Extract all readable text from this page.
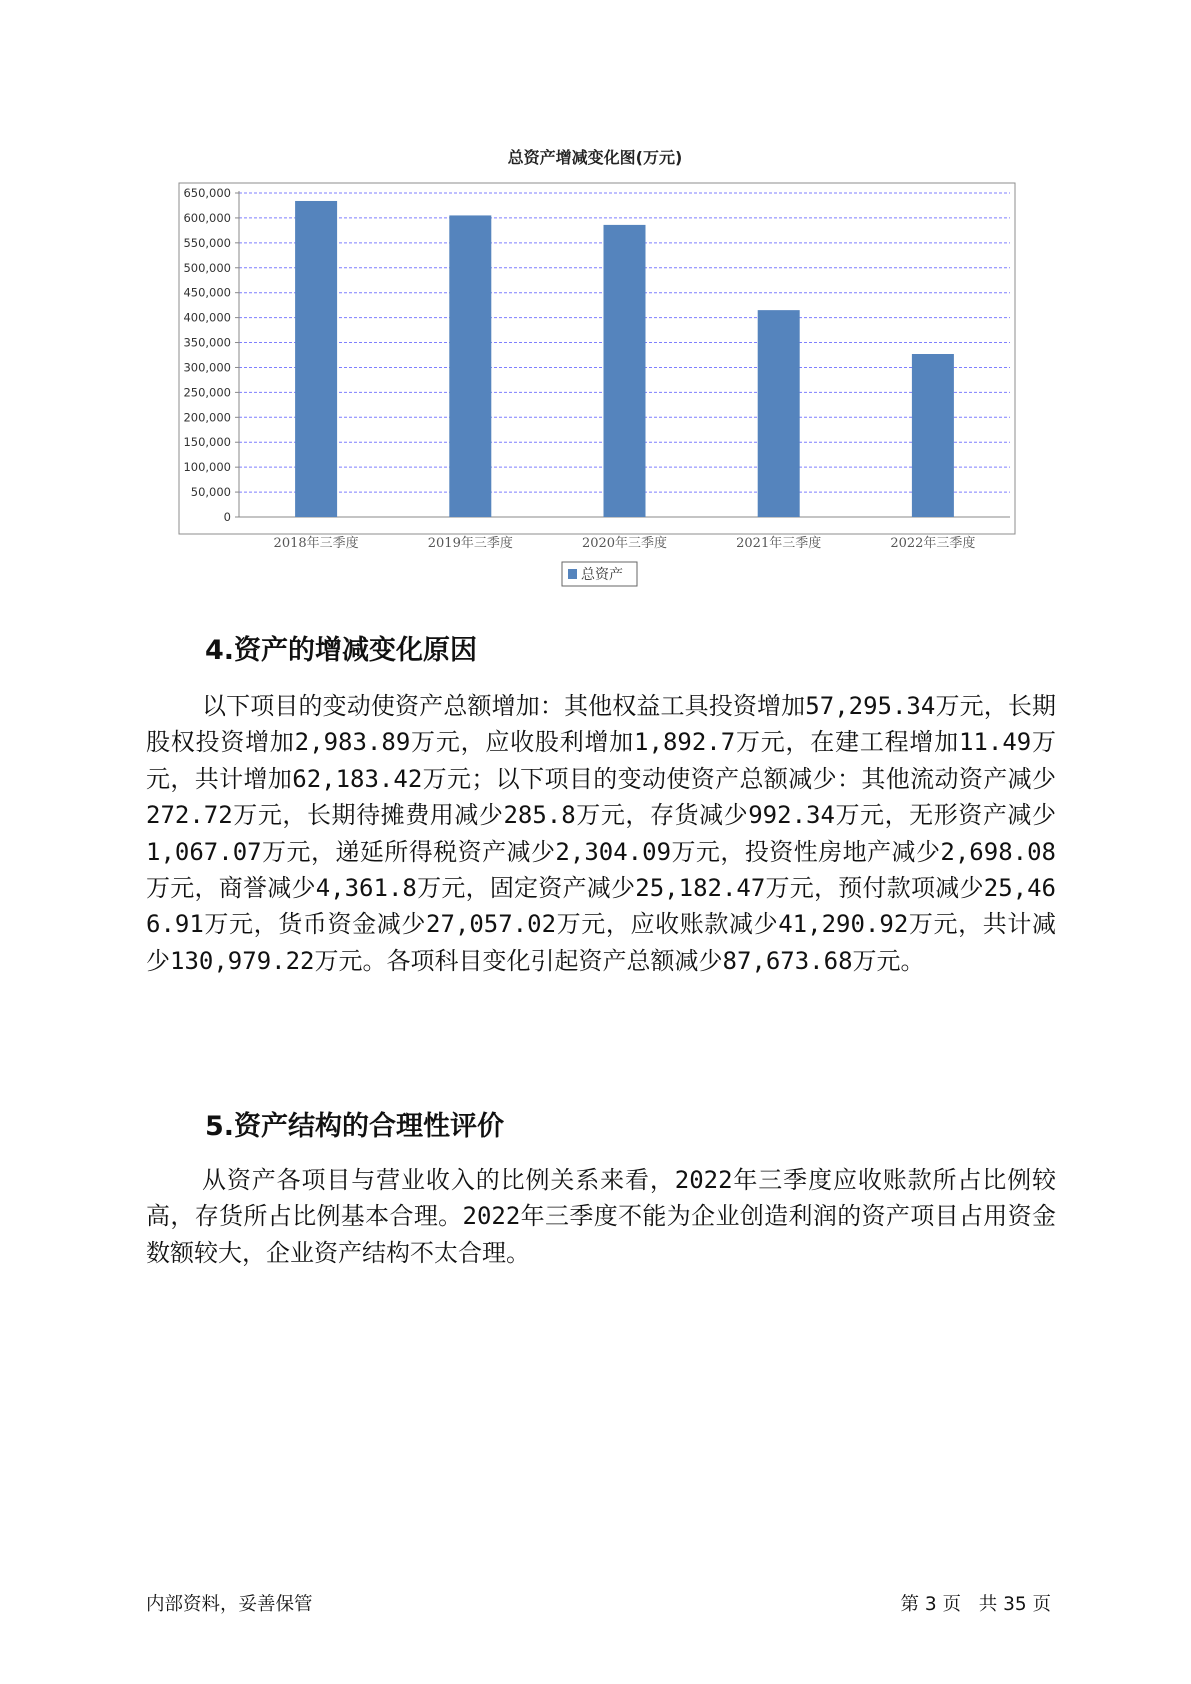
总资产增减变化图(万元)
0
50,000
100,000
150,000
200,000
250,000
300,000
350,000
400,000
450,000
500,000
550,000
600,000
650,000
2018年三季度	2019年三季度	2020年三季度	2021年三季度	2022年三季度
总资产
4.资产的增减变化原因

以下项目的变动使资产总额增加：其他权益工具投资增加57,295.34万元，长期股权投资增加2,983.89万元，应收股利增加1,892.7万元，在建工程增加11.49万元，共计增加62,183.42万元；以下项目的变动使资产总额减少：其他流动资产减少272.72万元，长期待摊费用减少285.8万元，存货减少992.34万元，无形资产减少1,067.07万元，递延所得税资产减少2,304.09万元，投资性房地产减少2,698.08万元，商誉减少4,361.8万元，固定资产减少25,182.47万元，预付款项减少25,466.91万元，货币资金减少27,057.02万元，应收账款减少41,290.92万元，共计减少130,979.22万元。各项科目变化引起资产总额减少87,673.68万元。

5.资产结构的合理性评价

从资产各项目与营业收入的比例关系来看，2022年三季度应收账款所占比例较高，存货所占比例基本合理。2022年三季度不能为企业创造利润的资产项目占用资金数额较大，企业资产结构不太合理。

内部资料，妥善保管	第 3 页   共 35 页
